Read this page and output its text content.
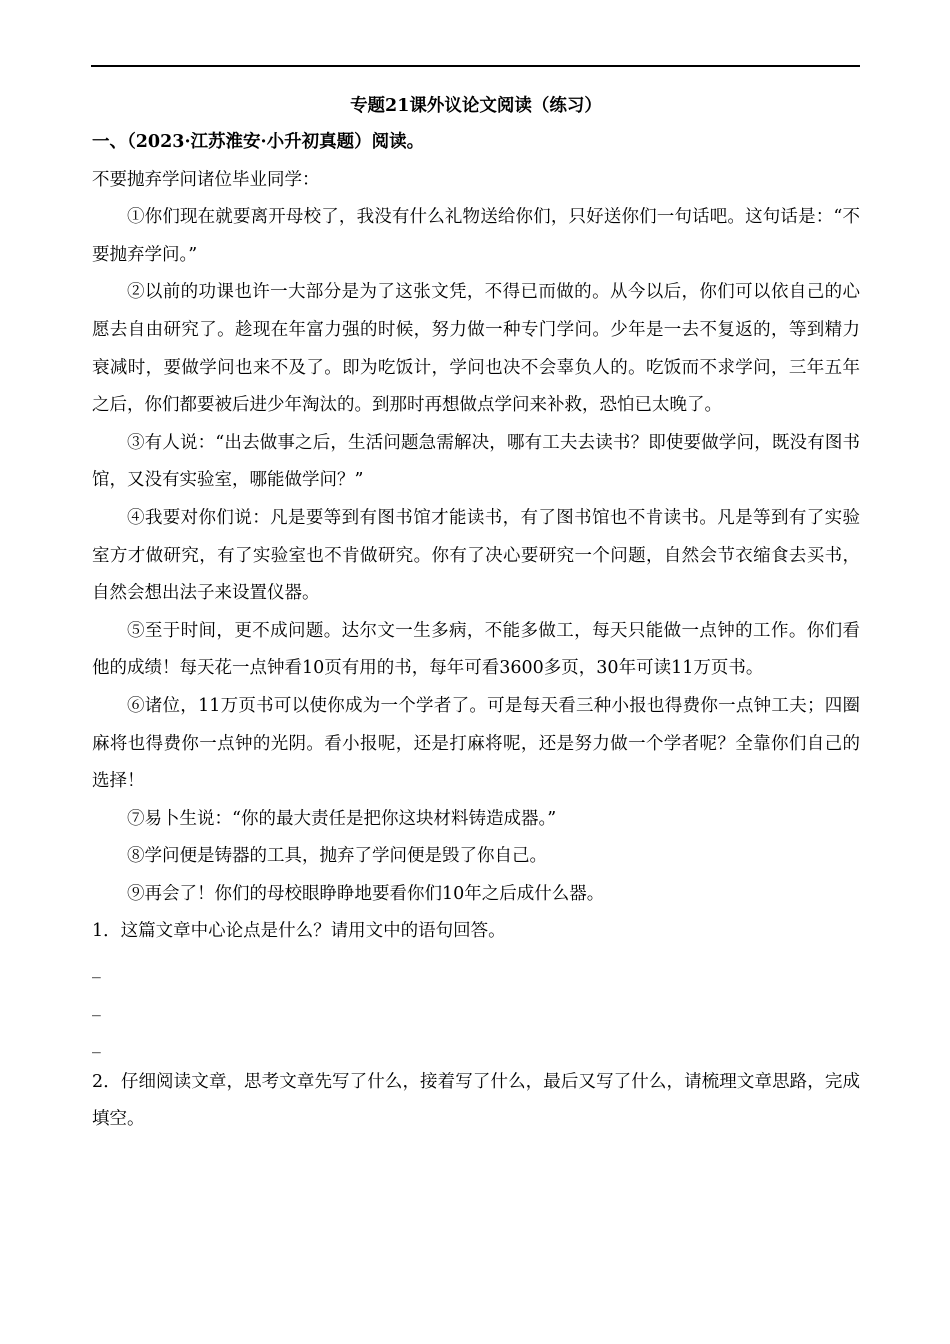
专题21课外议论文阅读（练习）

一、（2023·江苏淮安·小升初真题）阅读。

不要抛弃学问诸位毕业同学：

①你们现在就要离开母校了，我没有什么礼物送给你们，只好送你们一句话吧。这句话是：“不要抛弃学问。”

②以前的功课也许一大部分是为了这张文凭，不得已而做的。从今以后，你们可以依自己的心愿去自由研究了。趁现在年富力强的时候，努力做一种专门学问。少年是一去不复返的，等到精力衰减时，要做学问也来不及了。即为吃饭计，学问也决不会辜负人的。吃饭而不求学问，三年五年之后，你们都要被后进少年淘汰的。到那时再想做点学问来补救，恐怕已太晚了。

③有人说：“出去做事之后，生活问题急需解决，哪有工夫去读书？即使要做学问，既没有图书馆，又没有实验室，哪能做学问？”

④我要对你们说：凡是要等到有图书馆才能读书，有了图书馆也不肯读书。凡是等到有了实验室方才做研究，有了实验室也不肯做研究。你有了决心要研究一个问题，自然会节衣缩食去买书，自然会想出法子来设置仪器。

⑤至于时间，更不成问题。达尔文一生多病，不能多做工，每天只能做一点钟的工作。你们看他的成绩！每天花一点钟看10页有用的书，每年可看3600多页，30年可读11万页书。

⑥诸位，11万页书可以使你成为一个学者了。可是每天看三种小报也得费你一点钟工夫；四圈麻将也得费你一点钟的光阴。看小报呢，还是打麻将呢，还是努力做一个学者呢？全靠你们自己的选择！

⑦易卜生说：“你的最大责任是把你这块材料铸造成器。”

⑧学问便是铸器的工具，抛弃了学问便是毁了你自己。

⑨再会了！你们的母校眼睁睁地要看你们10年之后成什么器。

1．这篇文章中心论点是什么？请用文中的语句回答。

_

_

_

2．仔细阅读文章，思考文章先写了什么，接着写了什么，最后又写了什么，请梳理文章思路，完成填空。
